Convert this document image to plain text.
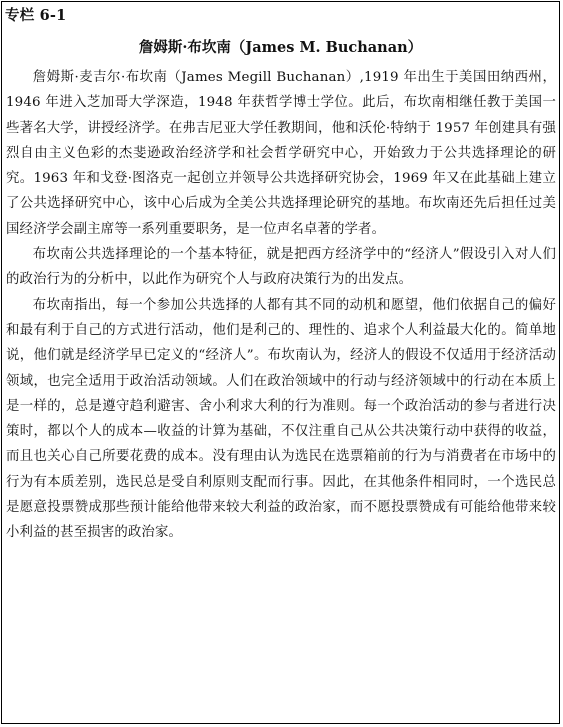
专栏 6-1
詹姆斯·布坎南（James M. Buchanan）

詹姆斯·麦吉尔·布坎南（James Megill Buchanan）,1919 年出生于美国田纳西州，1946 年进入芝加哥大学深造，1948 年获哲学博士学位。此后，布坎南相继任教于美国一些著名大学，讲授经济学。在弗吉尼亚大学任教期间，他和沃伦·特纳于 1957 年创建具有强烈自由主义色彩的杰斐逊政治经济学和社会哲学研究中心，开始致力于公共选择理论的研究。1963 年和戈登·图洛克一起创立并领导公共选择研究协会，1969 年又在此基础上建立了公共选择研究中心，该中心后成为全美公共选择理论研究的基地。布坎南还先后担任过美国经济学会副主席等一系列重要职务，是一位声名卓著的学者。

布坎南公共选择理论的一个基本特征，就是把西方经济学中的“经济人”假设引入对人们的政治行为的分析中，以此作为研究个人与政府决策行为的出发点。

布坎南指出，每一个参加公共选择的人都有其不同的动机和愿望，他们依据自己的偏好和最有利于自己的方式进行活动，他们是利己的、理性的、追求个人利益最大化的。简单地说，他们就是经济学早已定义的“经济人”。布坎南认为，经济人的假设不仅适用于经济活动领域，也完全适用于政治活动领域。人们在政治领域中的行动与经济领域中的行动在本质上是一样的，总是遵守趋利避害、舍小利求大利的行为准则。每一个政治活动的参与者进行决策时，都以个人的成本—收益的计算为基础，不仅注重自己从公共决策行动中获得的收益，而且也关心自己所要花费的成本。没有理由认为选民在选票箱前的行为与消费者在市场中的行为有本质差别，选民总是受自利原则支配而行事。因此，在其他条件相同时，一个选民总是愿意投票赞成那些预计能给他带来较大利益的政治家，而不愿投票赞成有可能给他带来较小利益的甚至损害的政治家。
